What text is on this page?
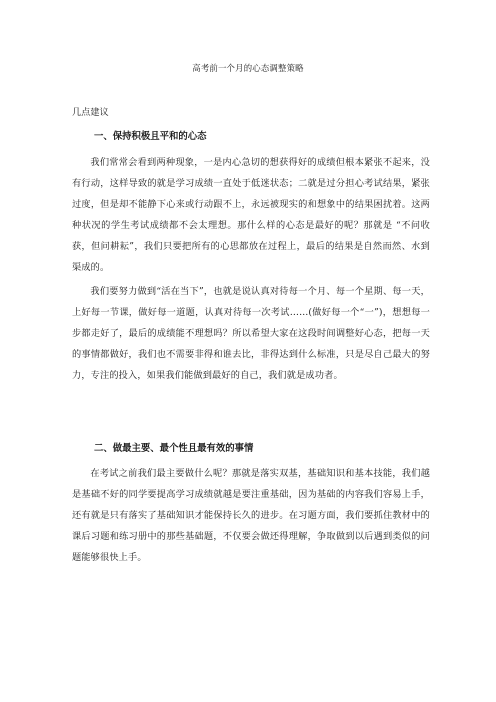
高考前一个月的心态调整策略
几点建议
一、保持积极且平和的心态

我们常常会看到两种现象，一是内心急切的想获得好的成绩但根本紧张不起来，没有行动，这样导致的就是学习成绩一直处于低迷状态；二就是过分担心考试结果，紧张过度，但是却不能静下心来或行动跟不上，永远被现实的和想象中的结果困扰着。这两种状况的学生考试成绩都不会太理想。那什么样的心态是最好的呢？那就是 “不问收获，但问耕耘”，我们只要把所有的心思都放在过程上，最后的结果是自然而然、水到渠成的。

我们要努力做到“活在当下”，也就是说认真对待每一个月、每一个星期、每一天，上好每一节课，做好每一道题，认真对待每一次考试……(做好每一个“一”)，想想每一步都走好了，最后的成绩能不理想吗？所以希望大家在这段时间调整好心态，把每一天的事情都做好，我们也不需要非得和谁去比，非得达到什么标准，只是尽自己最大的努力，专注的投入，如果我们能做到最好的自己，我们就是成功者。

二、做最主要、最个性且最有效的事情

在考试之前我们最主要做什么呢？那就是落实双基，基础知识和基本技能，我们越是基础不好的同学要提高学习成绩就越是要注重基础，因为基础的内容我们容易上手，还有就是只有落实了基础知识才能保持长久的进步。在习题方面，我们要抓住教材中的课后习题和练习册中的那些基础题，不仅要会做还得理解，争取做到以后遇到类似的问题能够很快上手。
